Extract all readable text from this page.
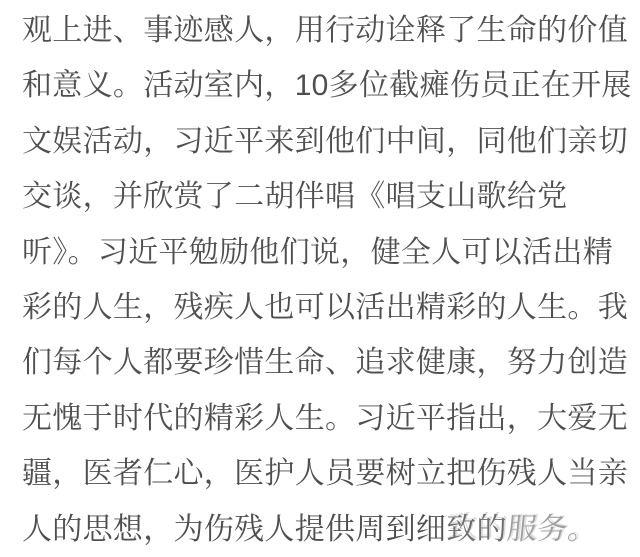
观上进、事迹感人，用行动诠释了生命的价值

和意义。活动室内，10多位截瘫伤员正在开展

文娱活动，习近平来到他们中间，同他们亲切

交谈，并欣赏了二胡伴唱《唱支山歌给党

听》。习近平勉励他们说，健全人可以活出精

彩的人生，残疾人也可以活出精彩的人生。我

们每个人都要珍惜生命、追求健康，努力创造

无愧于时代的精彩人生。习近平指出，大爱无

疆，医者仁心，医护人员要树立把伤残人当亲

人的思想，为伤残人提供周到细致的服务。
